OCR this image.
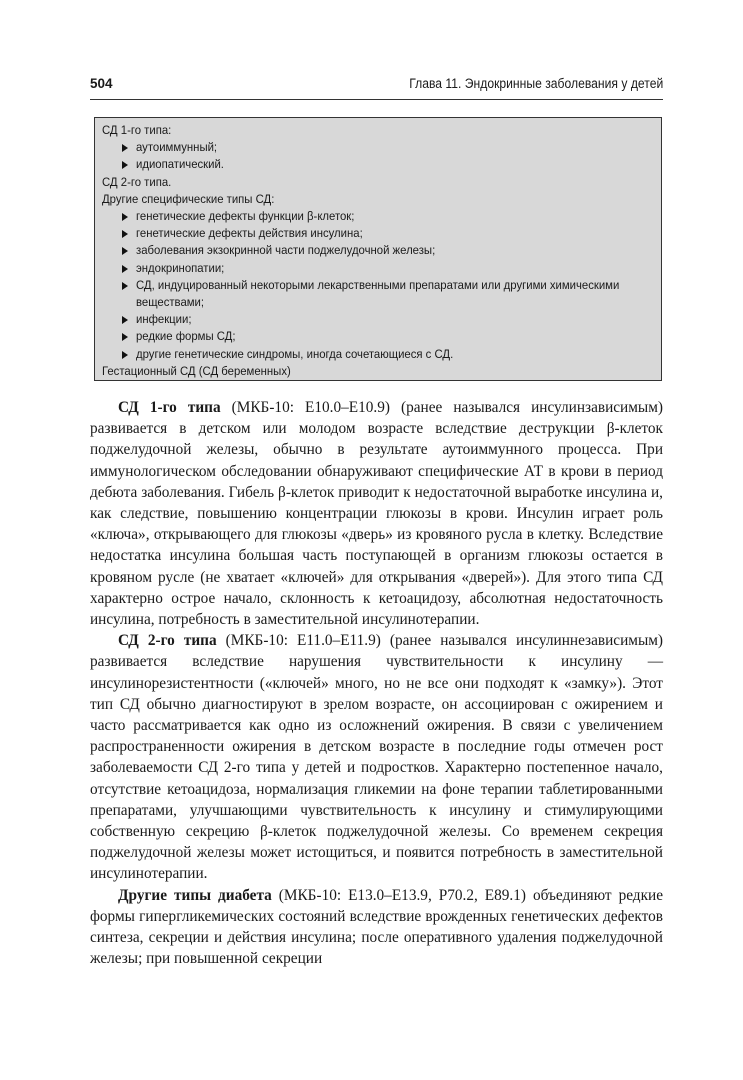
504	Глава 11. Эндокринные заболевания у детей
СД 1-го типа:
аутоиммунный;
идиопатический.
СД 2-го типа.
Другие специфические типы СД:
генетические дефекты функции β-клеток;
генетические дефекты действия инсулина;
заболевания экзокринной части поджелудочной железы;
эндокринопатии;
СД, индуцированный некоторыми лекарственными препаратами или другими химическими веществами;
инфекции;
редкие формы СД;
другие генетические синдромы, иногда сочетающиеся с СД.
Гестационный СД (СД беременных)

СД 1-го типа (МКБ-10: E10.0–E10.9) (ранее назывался инсулинзависимым) развивается в детском или молодом возрасте вследствие деструкции β-клеток поджелудочной железы, обычно в результате аутоиммунного процесса. При иммунологическом обследовании обнаруживают специфические АТ в крови в период дебюта заболевания. Гибель β-клеток приводит к недостаточной выработке инсулина и, как следствие, повышению концентрации глюкозы в крови. Инсулин играет роль «ключа», открывающего для глюкозы «дверь» из кровяного русла в клетку. Вследствие недостатка инсулина большая часть поступающей в организм глюкозы остается в кровяном русле (не хватает «ключей» для открывания «дверей»). Для этого типа СД характерно острое начало, склонность к кетоацидозу, абсолютная недостаточность инсулина, потребность в заместительной инсулинотерапии.

СД 2-го типа (МКБ-10: E11.0–E11.9) (ранее назывался инсулиннезависимым) развивается вследствие нарушения чувствительности к инсулину — инсулинорезистентности («ключей» много, но не все они подходят к «замку»). Этот тип СД обычно диагностируют в зрелом возрасте, он ассоциирован с ожирением и часто рассматривается как одно из осложнений ожирения. В связи с увеличением распространенности ожирения в детском возрасте в последние годы отмечен рост заболеваемости СД 2-го типа у детей и подростков. Характерно постепенное начало, отсутствие кетоацидоза, нормализация гликемии на фоне терапии таблетированными препаратами, улучшающими чувствительность к инсулину и стимулирующими собственную секрецию β-клеток поджелудочной железы. Со временем секреция поджелудочной железы может истощиться, и появится потребность в заместительной инсулинотерапии.

Другие типы диабета (МКБ-10: E13.0–E13.9, P70.2, E89.1) объединяют редкие формы гипергликемических состояний вследствие врожденных генетических дефектов синтеза, секреции и действия инсулина; после оперативного удаления поджелудочной железы; при повышенной секреции
